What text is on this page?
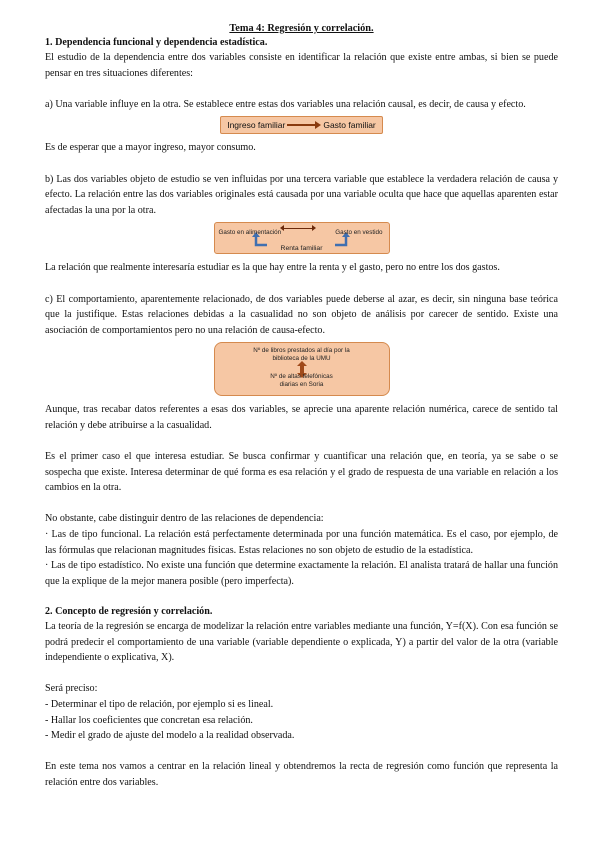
Tema 4: Regresión y correlación.

1. Dependencia funcional y dependencia estadística.

El estudio de la dependencia entre dos variables consiste en identificar la relación que existe entre ambas, si bien se puede pensar en tres situaciones diferentes:

a) Una variable influye en la otra. Se establece entre estas dos variables una relación causal, es decir, de causa y efecto.

Ingreso familiar	Gasto familiar

Es de esperar que a mayor ingreso, mayor consumo.

b) Las dos variables objeto de estudio se ven influidas por una tercera variable que establece la verdadera relación de causa y efecto. La relación entre las dos variables originales está causada por una variable oculta que hace que aquellas aparenten estar afectadas la una por la otra.

Gasto en alimentación	Gasto en vestido
Renta familiar

La relación que realmente interesaría estudiar es la que hay entre la renta y el gasto, pero no entre los dos gastos.

c) El comportamiento, aparentemente relacionado, de dos variables puede deberse al azar, es decir, sin ninguna base teórica que la justifique. Estas relaciones debidas a la casualidad no son objeto de análisis por carecer de sentido. Existe una asociación de comportamientos pero no una relación de causa-efecto.

Nº de libros prestados al día por la
biblioteca de la UMU
Nº de altas telefónicas
diarias en Soria

Aunque, tras recabar datos referentes a esas dos variables, se aprecie una aparente relación numérica, carece de sentido tal relación y debe atribuirse a la casualidad.

Es el primer caso el que interesa estudiar. Se busca confirmar y cuantificar una relación que, en teoría, ya se sabe o se sospecha que existe. Interesa determinar de qué forma es esa relación y el grado de respuesta de una variable en relación a los cambios en la otra.

No obstante, cabe distinguir dentro de las relaciones de dependencia:

· Las de tipo funcional. La relación está perfectamente determinada por una función matemática. Es el caso, por ejemplo, de las fórmulas que relacionan magnitudes físicas. Estas relaciones no son objeto de estudio de la estadística.

· Las de tipo estadístico. No existe una función que determine exactamente la relación. El analista tratará de hallar una función que la explique de la mejor manera posible (pero imperfecta).

2. Concepto de regresión y correlación.

La teoría de la regresión se encarga de modelizar la relación entre variables mediante una función, Y=f(X). Con esa función se podrá predecir el comportamiento de una variable (variable dependiente o explicada, Y) a partir del valor de la otra (variable independiente o explicativa, X).

Será preciso:

- Determinar el tipo de relación, por ejemplo si es lineal.

- Hallar los coeficientes que concretan esa relación.

- Medir el grado de ajuste del modelo a la realidad observada.

En este tema nos vamos a centrar en la relación lineal y obtendremos la recta de regresión como función que representa la relación entre dos variables.
